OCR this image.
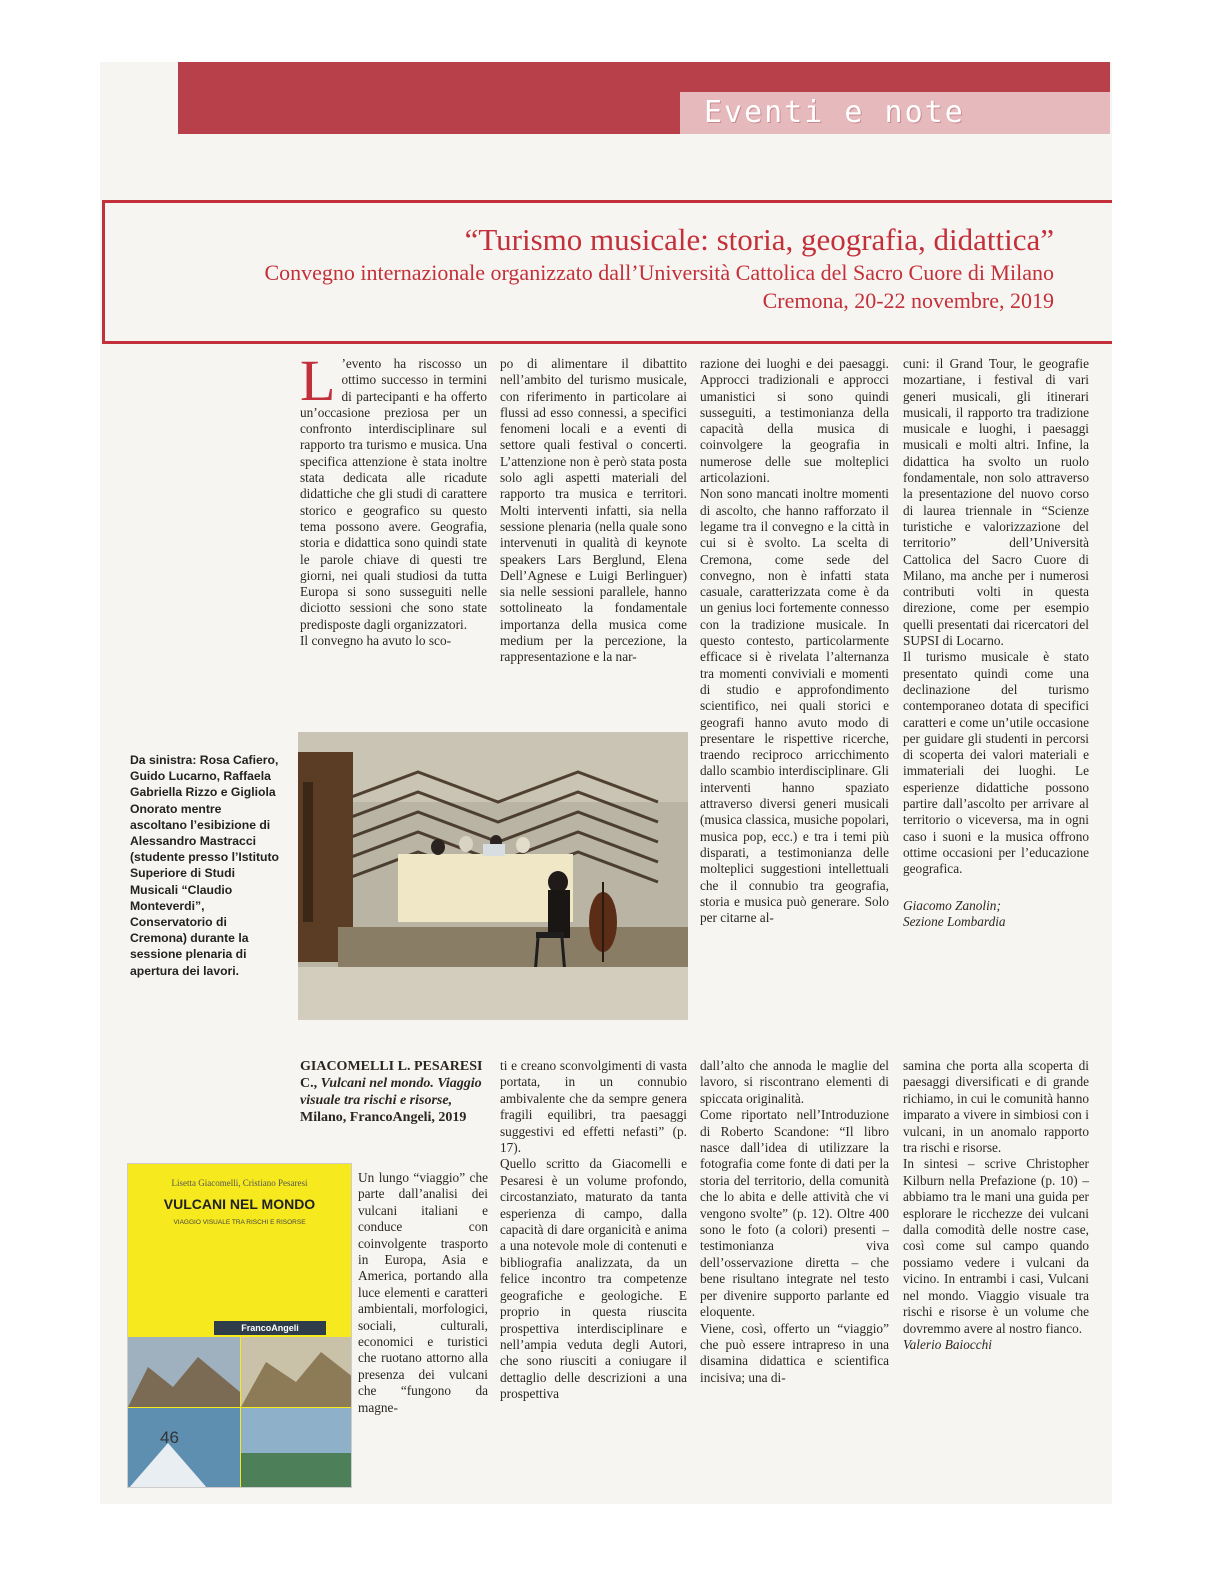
Eventi e note
“Turismo musicale: storia, geografia, didattica”
Convegno internazionale organizzato dall’Università Cattolica del Sacro Cuore di Milano
Cremona, 20-22 novembre, 2019

L ’evento ha riscosso un ottimo successo in termini di partecipanti e ha offerto un’occasione preziosa per un confronto interdisciplinare sul rapporto tra turismo e musica. Una specifica attenzione è stata inoltre stata dedicata alle ricadute didattiche che gli studi di carattere storico e geografico su questo tema possono avere. Geografia, storia e didattica sono quindi state le parole chiave di questi tre giorni, nei quali studiosi da tutta Europa si sono susseguiti nelle diciotto sessioni che sono state predisposte dagli organizzatori.

Il convegno ha avuto lo sco-

po di alimentare il dibattito nell’ambito del turismo musicale, con riferimento in particolare ai flussi ad esso connessi, a specifici fenomeni locali e a eventi di settore quali festival o concerti. L’attenzione non è però stata posta solo agli aspetti materiali del rapporto tra musica e territori. Molti interventi infatti, sia nella sessione plenaria (nella quale sono intervenuti in qualità di keynote speakers Lars Berglund, Elena Dell’Agnese e Luigi Berlinguer) sia nelle sessioni parallele, hanno sottolineato la fondamentale importanza della musica come medium per la percezione, la rappresentazione e la nar-

razione dei luoghi e dei paesaggi. Approcci tradizionali e approcci umanistici si sono quindi susseguiti, a testimonianza della capacità della musica di coinvolgere la geografia in numerose delle sue molteplici articolazioni.

Non sono mancati inoltre momenti di ascolto, che hanno rafforzato il legame tra il convegno e la città in cui si è svolto. La scelta di Cremona, come sede del convegno, non è infatti stata casuale, caratterizzata come è da un genius loci fortemente connesso con la tradizione musicale. In questo contesto, particolarmente efficace si è rivelata l’alternanza tra momenti conviviali e momenti di studio e approfondimento scientifico, nei quali storici e geografi hanno avuto modo di presentare le rispettive ricerche, traendo reciproco arricchimento dallo scambio interdisciplinare. Gli interventi hanno spaziato attraverso diversi generi musicali (musica classica, musiche popolari, musica pop, ecc.) e tra i temi più disparati, a testimonianza delle molteplici suggestioni intellettuali che il connubio tra geografia, storia e musica può generare. Solo per citarne al-

cuni: il Grand Tour, le geografie mozartiane, i festival di vari generi musicali, gli itinerari musicali, il rapporto tra tradizione musicale e luoghi, i paesaggi musicali e molti altri. Infine, la didattica ha svolto un ruolo fondamentale, non solo attraverso la presentazione del nuovo corso di laurea triennale in “Scienze turistiche e valorizzazione del territorio” dell’Università Cattolica del Sacro Cuore di Milano, ma anche per i numerosi contributi volti in questa direzione, come per esempio quelli presentati dai ricercatori del SUPSI di Locarno.

Il turismo musicale è stato presentato quindi come una declinazione del turismo contemporaneo dotata di specifici caratteri e come un’utile occasione per guidare gli studenti in percorsi di scoperta dei valori materiali e immateriali dei luoghi. Le esperienze didattiche possono partire dall’ascolto per arrivare al territorio o viceversa, ma in ogni caso i suoni e la musica offrono ottime occasioni per l’educazione geografica.

Giacomo Zanolin;

Sezione Lombardia

Da sinistra: Rosa Cafiero, Guido Lucarno, Raffaela Gabriella Rizzo e Gigliola Onorato mentre ascoltano l’esibizione di Alessandro Mastracci (studente presso l’Istituto Superiore di Studi Musicali “Claudio Monteverdi”, Conservatorio di Cremona) durante la sessione plenaria di apertura dei lavori.
GIACOMELLI L. PESARESI C., Vulcani nel mondo. Viaggio visuale tra rischi e risorse, Milano, FrancoAngeli, 2019

Un lungo “viaggio” che parte dall’analisi dei vulcani italiani e conduce con coinvolgente trasporto in Europa, Asia e America, portando alla luce elementi e caratteri ambientali, morfologici, sociali, culturali, economici e turistici che ruotano attorno alla presenza dei vulcani che “fungono da magne-

ti e creano sconvolgimenti di vasta portata, in un connubio ambivalente che da sempre genera fragili equilibri, tra paesaggi suggestivi ed effetti nefasti” (p. 17).

Quello scritto da Giacomelli e Pesaresi è un volume profondo, circostanziato, maturato da tanta esperienza di campo, dalla capacità di dare organicità e anima a una notevole mole di contenuti e bibliografia analizzata, da un felice incontro tra competenze geografiche e geologiche. E proprio in questa riuscita prospettiva interdisciplinare e nell’ampia veduta degli Autori, che sono riusciti a coniugare il dettaglio delle descrizioni a una prospettiva

dall’alto che annoda le maglie del lavoro, si riscontrano elementi di spiccata originalità.

Come riportato nell’Introduzione di Roberto Scandone: “Il libro nasce dall’idea di utilizzare la fotografia come fonte di dati per la storia del territorio, della comunità che lo abita e delle attività che vi vengono svolte” (p. 12). Oltre 400 sono le foto (a colori) presenti – testimonianza viva dell’osservazione diretta – che bene risultano integrate nel testo per divenire supporto parlante ed eloquente.

Viene, così, offerto un “viaggio” che può essere intrapreso in una disamina didattica e scientifica incisiva; una di-

samina che porta alla scoperta di paesaggi diversificati e di grande richiamo, in cui le comunità hanno imparato a vivere in simbiosi con i vulcani, in un anomalo rapporto tra rischi e risorse.

In sintesi – scrive Christopher Kilburn nella Prefazione (p. 10) – abbiamo tra le mani una guida per esplorare le ricchezze dei vulcani dalla comodità delle nostre case, così come sul campo quando possiamo vedere i vulcani da vicino. In entrambi i casi, Vulcani nel mondo. Viaggio visuale tra rischi e risorse è un volume che dovremmo avere al nostro fianco.

Valerio Baiocchi

Lisetta Giacomelli, Cristiano Pesaresi
VULCANI NEL MONDO
VIAGGIO VISUALE TRA RISCHI E RISORSE
FrancoAngeli
46
